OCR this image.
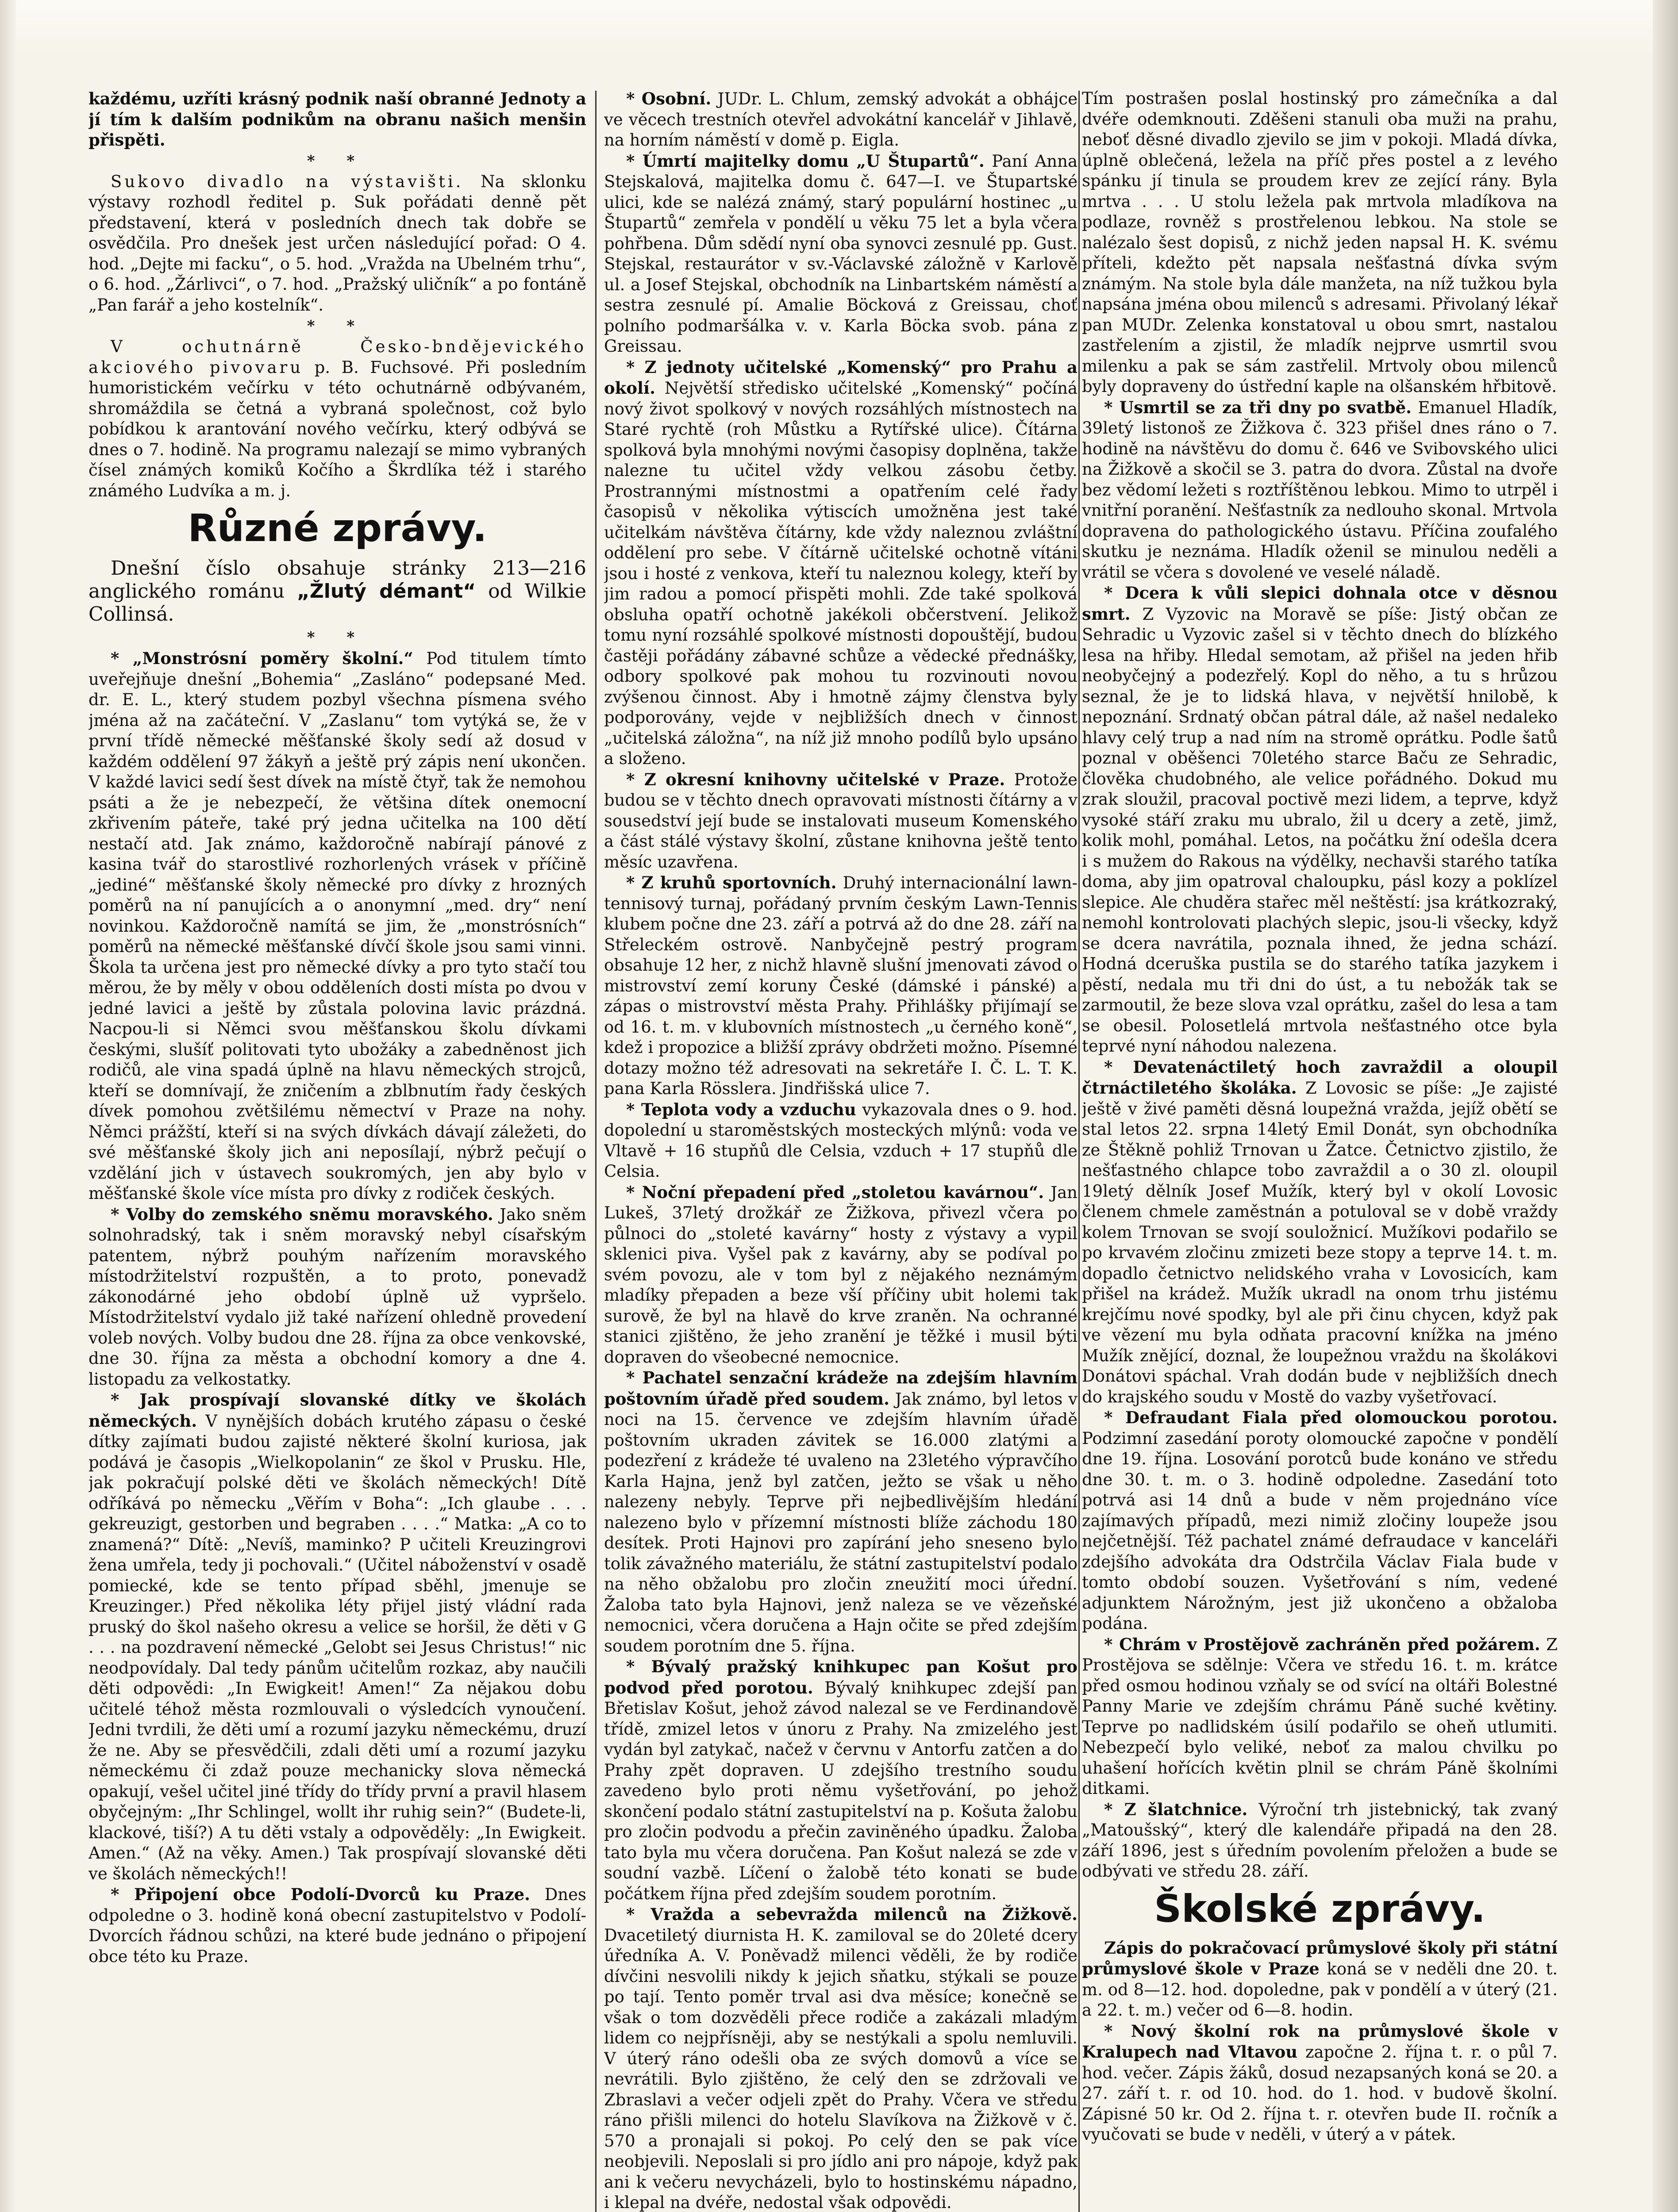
každému, uzříti krásný podnik naší obranné Jednoty a jí tím k dalším podnikům na obranu našich menšin přispěti.

* *

Sukovo divadlo na výstavišti. Na sklonku výstavy rozhodl ředitel p. Suk pořádati denně pět představení, která v posledních dnech tak dobře se osvědčila. Pro dnešek jest určen následující pořad: O 4. hod. „Dejte mi facku“, o 5. hod. „Vražda na Ubelném trhu“, o 6. hod. „Žárlivci“, o 7. hod. „Pražský uličník“ a po fontáně „Pan farář a jeho kostelník“.

* *

V ochutnárně Česko-bndějevického akciového pivovaru p. B. Fuchsové. Při posledním humoristickém večírku v této ochutnárně odbývaném, shromáždila se četná a vybraná společnost, což bylo pobídkou k arantování nového večírku, který odbývá se dnes o 7. hodině. Na programu nalezají se mimo vybraných čísel známých komiků Kočího a Škrdlíka též i starého známého Ludvíka a m. j.

Různé zprávy.

Dnešní číslo obsahuje stránky 213—216 anglického románu „Žlutý démant“ od Wilkie Collinsá.

* *

* „Monstrósní poměry školní.“ Pod titulem tímto uveřejňuje dnešní „Bohemia“ „Zasláno“ podepsané Med. dr. E. L., který studem pozbyl všechna písmena svého jména až na začáteční. V „Zaslanu“ tom vytýká se, že v první třídě německé měšťanské školy sedí až dosud v každém oddělení 97 žákyň a ještě prý zápis není ukončen. V každé lavici sedí šest dívek na místě čtyř, tak že nemohou psáti a že je nebezpečí, že většina dítek onemocní zkřivením páteře, také prý jedna učitelka na 100 dětí nestačí atd. Jak známo, každoročně nabírají pánové z kasina tvář do starostlivé rozhorlených vrásek v příčině „jediné“ měšťanské školy německé pro dívky z hrozných poměrů na ní panujících a o anonymní „med. dry“ není novinkou. Každoročně namítá se jim, že „monstrósních“ poměrů na německé měšťanské dívčí škole jsou sami vinni. Škola ta určena jest pro německé dívky a pro tyto stačí tou měrou, že by měly v obou odděleních dosti místa po dvou v jedné lavici a ještě by zůstala polovina lavic prázdná. Nacpou-li si Němci svou měšťanskou školu dívkami českými, slušíť politovati tyto ubožáky a zabedněnost jich rodičů, ale vina spadá úplně na hlavu německých strojců, kteří se domnívají, že zničením a zblbnutím řady českých dívek pomohou zvětšilému němectví v Praze na nohy. Němci prážští, kteří si na svých dívkách dávají záležeti, do své měšťanské školy jich ani neposílají, nýbrž pečují o vzdělání jich v ústavech soukromých, jen aby bylo v měšťanské škole více místa pro dívky z rodiček českých.

* Volby do zemského sněmu moravského. Jako sněm solnohradský, tak i sněm moravský nebyl císařským patentem, nýbrž pouhým nařízením moravského místodržitelství rozpuštěn, a to proto, ponevadž zákonodárné jeho období úplně už vypršelo. Místodržitelství vydalo již také nařízení ohledně provedení voleb nových. Volby budou dne 28. října za obce venkovské, dne 30. října za města a obchodní komory a dne 4. listopadu za velkostatky.

* Jak prospívají slovanské dítky ve školách německých. V nynějších dobách krutého zápasu o české dítky zajímati budou zajisté některé školní kuriosa, jak podává je časopis „Wielkopolanin“ ze škol v Prusku. Hle, jak pokračují polské děti ve školách německých! Dítě odříkává po německu „Věřím v Boha“: „Ich glaube . . . gekreuzigt, gestorben und begraben . . . .“ Matka: „A co to znamená?“ Dítě: „Nevíš, maminko? P učiteli Kreuzingrovi žena umřela, tedy ji pochovali.“ (Učitel náboženství v osadě pomiecké, kde se tento případ sběhl, jmenuje se Kreuzinger.) Před několika léty přijel jistý vládní rada pruský do škol našeho okresu a velice se horšil, že děti v G . . . na pozdravení německé „Gelobt sei Jesus Christus!“ nic neodpovídaly. Dal tedy pánům učitelům rozkaz, aby naučili děti odpovědi: „In Ewigkeit! Amen!“ Za nějakou dobu učitelé téhož města rozmlouvali o výsledcích vynoučení. Jedni tvrdili, že děti umí a rozumí jazyku německému, druzí že ne. Aby se přesvědčili, zdali děti umí a rozumí jazyku německému či zdaž pouze mechanicky slova německá opakují, vešel učitel jiné třídy do třídy první a pravil hlasem obyčejným: „Ihr Schlingel, wollt ihr ruhig sein?“ (Budete-li, klackové, tiší?) A tu děti vstaly a odpověděly: „In Ewigkeit. Amen.“ (Až na věky. Amen.) Tak prospívají slovanské děti ve školách německých!!

* Připojení obce Podolí-Dvorců ku Praze. Dnes odpoledne o 3. hodině koná obecní zastupitelstvo v Podolí-Dvorcích řádnou schůzi, na které bude jednáno o připojení obce této ku Praze.

* Osobní. JUDr. L. Chlum, zemský advokát a obhájce ve věcech trestních otevřel advokátní kancelář v Jihlavě, na horním náměstí v domě p. Eigla.

* Úmrtí majitelky domu „U Štupartů“. Paní Anna Stejskalová, majitelka domu č. 647—I. ve Štupartské ulici, kde se nalézá známý, starý populární hostinec „u Štupartů“ zemřela v pondělí u věku 75 let a byla včera pohřbena. Dům sdědí nyní oba synovci zesnulé pp. Gust. Stejskal, restaurátor v sv.-Václavské záložně v Karlově ul. a Josef Stejskal, obchodník na Linbartském náměstí a sestra zesnulé pí. Amalie Böcková z Greissau, choť polního podmaršálka v. v. Karla Böcka svob. pána z Greissau.

* Z jednoty učitelské „Komenský“ pro Prahu a okolí. Největší středisko učitelské „Komenský“ počíná nový život spolkový v nových rozsáhlých místnostech na Staré rychtě (roh Můstku a Rytířské ulice). Čítárna spolková byla mnohými novými časopisy doplněna, takže nalezne tu učitel vždy velkou zásobu četby. Prostrannými místnostmi a opatřením celé řady časopisů v několika výtiscích umožněna jest také učitelkám návštěva čítárny, kde vždy naleznou zvláštní oddělení pro sebe. V čítárně učitelské ochotně vítáni jsou i hosté z venkova, kteří tu naleznou kolegy, kteří by jim radou a pomocí přispěti mohli. Zde také spolková obsluha opatří ochotně jakékoli občerstvení. Jelikož tomu nyní rozsáhlé spolkové místnosti dopouštějí, budou častěji pořádány zábavné schůze a vědecké přednášky, odbory spolkové pak mohou tu rozvinouti novou zvýšenou činnost. Aby i hmotně zájmy členstva byly podporovány, vejde v nejbližších dnech v činnost „učitelská záložna“, na níž již mnoho podílů bylo upsáno a složeno.

* Z okresní knihovny učitelské v Praze. Protože budou se v těchto dnech opravovati místnosti čítárny a v sousedství její bude se instalovati museum Komenského a část stálé výstavy školní, zůstane knihovna ještě tento měsíc uzavřena.

* Z kruhů sportovních. Druhý internacionální lawn-tennisový turnaj, pořádaný prvním českým Lawn-Tennis klubem počne dne 23. září a potrvá až do dne 28. září na Střeleckém ostrově. Nanbyčejně pestrý program obsahuje 12 her, z nichž hlavně slušní jmenovati závod o mistrovství zemí koruny České (dámské i pánské) a zápas o mistrovství města Prahy. Přihlášky přijímají se od 16. t. m. v klubovních místnostech „u černého koně“, kdež i propozice a bližší zprávy obdržeti možno. Písemné dotazy možno též adresovati na sekretáře I. Č. L. T. K. pana Karla Rösslera. Jindřišská ulice 7.

* Teplota vody a vzduchu vykazovala dnes o 9. hod. dopolední u staroměstských mosteckých mlýnů: voda ve Vltavě + 16 stupňů dle Celsia, vzduch + 17 stupňů dle Celsia.

* Noční přepadení před „stoletou kavárnou“. Jan Lukeš, 37letý drožkář ze Žižkova, přivezl včera po půlnoci do „stoleté kavárny“ hosty z výstavy a vypil sklenici piva. Vyšel pak z kavárny, aby se podíval po svém povozu, ale v tom byl z nějakého neznámým mladíky přepaden a beze vší příčiny ubit holemi tak surově, že byl na hlavě do krve zraněn. Na ochranné stanici zjištěno, že jeho zranění je těžké i musil býti dopraven do všeobecné nemocnice.

* Pachatel senzační krádeže na zdejším hlavním poštovním úřadě před soudem. Jak známo, byl letos v noci na 15. července ve zdejším hlavním úřadě poštovním ukraden závitek se 16.000 zlatými a podezření z krádeže té uvaleno na 23letého výpravčího Karla Hajna, jenž byl zatčen, ježto se však u něho nalezeny nebyly. Teprve při nejbedlivějším hledání nalezeno bylo v přízemní místnosti blíže záchodu 180 desítek. Proti Hajnovi pro zapírání jeho sneseno bylo tolik závažného materiálu, že státní zastupitelství podalo na něho obžalobu pro zločin zneužití moci úřední. Žaloba tato byla Hajnovi, jenž naleza se ve vězeňské nemocnici, včera doručena a Hajn očite se před zdejším soudem porotním dne 5. října.

* Bývalý pražský knihkupec pan Košut pro podvod před porotou. Bývalý knihkupec zdejší pan Břetislav Košut, jehož závod nalezal se ve Ferdinandově třídě, zmizel letos v únoru z Prahy. Na zmizelého jest vydán byl zatykač, načež v červnu v Antorfu zatčen a do Prahy zpět dopraven. U zdejšího trestního soudu zavedeno bylo proti němu vyšetřování, po jehož skončení podalo státní zastupitelství na p. Košuta žalobu pro zločin podvodu a přečin zaviněného úpadku. Žaloba tato byla mu včera doručena. Pan Košut nalezá se zde v soudní vazbě. Líčení o žalobě této konati se bude počátkem října před zdejším soudem porotním.

* Vražda a sebevražda milenců na Žižkově. Dvacetiletý diurnista H. K. zamiloval se do 20leté dcery úředníka A. V. Poněvadž milenci věděli, že by rodiče dívčini nesvolili nikdy k jejich sňatku, stýkali se pouze po tají. Tento poměr trval asi dva měsíce; konečně se však o tom dozvěděli přece rodiče a zakázali mladým lidem co nejpřísněji, aby se nestýkali a spolu nemluvili. V úterý ráno odešli oba ze svých domovů a více se nevrátili. Bylo zjištěno, že celý den se zdržovali ve Zbraslavi a večer odjeli zpět do Prahy. Včera ve středu ráno přišli milenci do hotelu Slavíkova na Žižkově v č. 570 a pronajali si pokoj. Po celý den se pak více neobjevili. Neposlali si pro jídlo ani pro nápoje, když pak ani k večeru nevycházeli, bylo to hostinskému nápadno, i klepal na dvéře, nedostal však odpovědi.

Tím postrašen poslal hostinský pro zámečníka a dal dvéře odemknouti. Zděšeni stanuli oba muži na prahu, neboť děsné divadlo zjevilo se jim v pokoji. Mladá dívka, úplně oblečená, ležela na příč přes postel a z levého spánku jí tinula se proudem krev ze zející rány. Byla mrtva . . . U stolu ležela pak mrtvola mladíkova na podlaze, rovněž s prostřelenou lebkou. Na stole se nalézalo šest dopisů, z nichž jeden napsal H. K. svému příteli, kdežto pět napsala nešťastná dívka svým známým. Na stole byla dále manžeta, na níž tužkou byla napsána jména obou milenců s adresami. Přivolaný lékař pan MUDr. Zelenka konstatoval u obou smrt, nastalou zastřelením a zjistil, že mladík nejprve usmrtil svou milenku a pak se sám zastřelil. Mrtvoly obou milenců byly dopraveny do ústřední kaple na olšanském hřbitově.

* Usmrtil se za tři dny po svatbě. Emanuel Hladík, 39letý listonoš ze Žižkova č. 323 přišel dnes ráno o 7. hodině na návštěvu do domu č. 646 ve Svibovského ulici na Žižkově a skočil se 3. patra do dvora. Zůstal na dvoře bez vědomí ležeti s roztříštěnou lebkou. Mimo to utrpěl i vnitřní poranění. Nešťastník za nedlouho skonal. Mrtvola dopravena do pathologického ústavu. Příčina zoufalého skutku je neznáma. Hladík oženil se minulou neděli a vrátil se včera s dovolené ve veselé náladě.

* Dcera k vůli slepici dohnala otce v děsnou smrt. Z Vyzovic na Moravě se píše: Jistý občan ze Sehradic u Vyzovic zašel si v těchto dnech do blízkého lesa na hřiby. Hledal semotam, až přišel na jeden hřib neobyčejný a podezřelý. Kopl do něho, a tu s hrůzou seznal, že je to lidská hlava, v největší hnilobě, k nepoznání. Srdnatý občan pátral dále, až našel nedaleko hlavy celý trup a nad ním na stromě oprátku. Podle šatů poznal v oběšenci 70letého starce Baču ze Sehradic, člověka chudobného, ale velice pořádného. Dokud mu zrak sloužil, pracoval poctivě mezi lidem, a teprve, když vysoké stáří zraku mu ubralo, žil u dcery a zetě, jimž, kolik mohl, pomáhal. Letos, na počátku žní odešla dcera i s mužem do Rakous na výdělky, nechavši starého tatíka doma, aby jim opatroval chaloupku, pásl kozy a poklízel slepice. Ale chuděra stařec měl neštěstí: jsa krátkozraký, nemohl kontrolovati plachých slepic, jsou-li všecky, když se dcera navrátila, poznala ihned, že jedna schází. Hodná dceruška pustila se do starého tatíka jazykem i pěstí, nedala mu tři dni do úst, a tu nebožák tak se zarmoutil, že beze slova vzal oprátku, zašel do lesa a tam se obesil. Polosetlelá mrtvola nešťastného otce byla teprvé nyní náhodou nalezena.

* Devatenáctiletý hoch zavraždil a oloupil čtrnáctiletého školáka. Z Lovosic se píše: „Je zajisté ještě v živé paměti děsná loupežná vražda, jejíž obětí se stal letos 22. srpna 14letý Emil Donát, syn obchodníka ze Štěkně pohliž Trnovan u Žatce. Četnictvo zjistilo, že nešťastného chlapce tobo zavraždil a o 30 zl. oloupil 19letý dělník Josef Mužík, který byl v okolí Lovosic členem chmele zaměstnán a potuloval se v době vraždy kolem Trnovan se svojí souložnicí. Mužíkovi podařilo se po krvavém zločinu zmizeti beze stopy a teprve 14. t. m. dopadlo četnictvo nelidského vraha v Lovosicích, kam přišel na krádež. Mužík ukradl na onom trhu jistému krejčímu nové spodky, byl ale při činu chycen, když pak ve vězení mu byla odňata pracovní knížka na jméno Mužík znějící, doznal, že loupežnou vraždu na školákovi Donátovi spáchal. Vrah dodán bude v nejbližších dnech do krajského soudu v Mostě do vazby vyšetřovací.

* Defraudant Fiala před olomouckou porotou. Podzimní zasedání poroty olomoucké započne v pondělí dne 19. října. Losování porotců bude konáno ve středu dne 30. t. m. o 3. hodině odpoledne. Zasedání toto potrvá asi 14 dnů a bude v něm projednáno více zajímavých případů, mezi nimiž zločiny loupeže jsou nejčetnější. Též pachatel známé defraudace v kanceláři zdejšího advokáta dra Odstrčila Václav Fiala bude v tomto období souzen. Vyšetřování s ním, vedené adjunktem Nárožným, jest již ukončeno a obžaloba podána.

* Chrám v Prostějově zachráněn před požárem. Z Prostějova se sdělnje: Včera ve středu 16. t. m. krátce před osmou hodinou vzňaly se od svící na oltáři Bolestné Panny Marie ve zdejším chrámu Páně suché květiny. Teprve po nadlidském úsilí podařilo se oheň utlumiti. Nebezpečí bylo veliké, neboť za malou chvilku po uhašení hořících květin plnil se chrám Páně školními ditkami.

* Z šlatchnice. Výroční trh jistebnický, tak zvaný „Matoušský“, který dle kalendáře připadá na den 28. září 1896, jest s úředním povolením přeložen a bude se odbývati ve středu 28. září.

Školské zprávy.

Zápis do pokračovací průmyslové školy při státní průmyslové škole v Praze koná se v neděli dne 20. t. m. od 8—12. hod. dopoledne, pak v pondělí a v úterý (21. a 22. t. m.) večer od 6—8. hodin.

* Nový školní rok na průmyslové škole v Kralupech nad Vltavou započne 2. října t. r. o půl 7. hod. večer. Zápis žáků, dosud nezapsaných koná se 20. a 27. září t. r. od 10. hod. do 1. hod. v budově školní. Zápisné 50 kr. Od 2. října t. r. otevřen bude II. ročník a vyučovati se bude v neděli, v úterý a v pátek.
